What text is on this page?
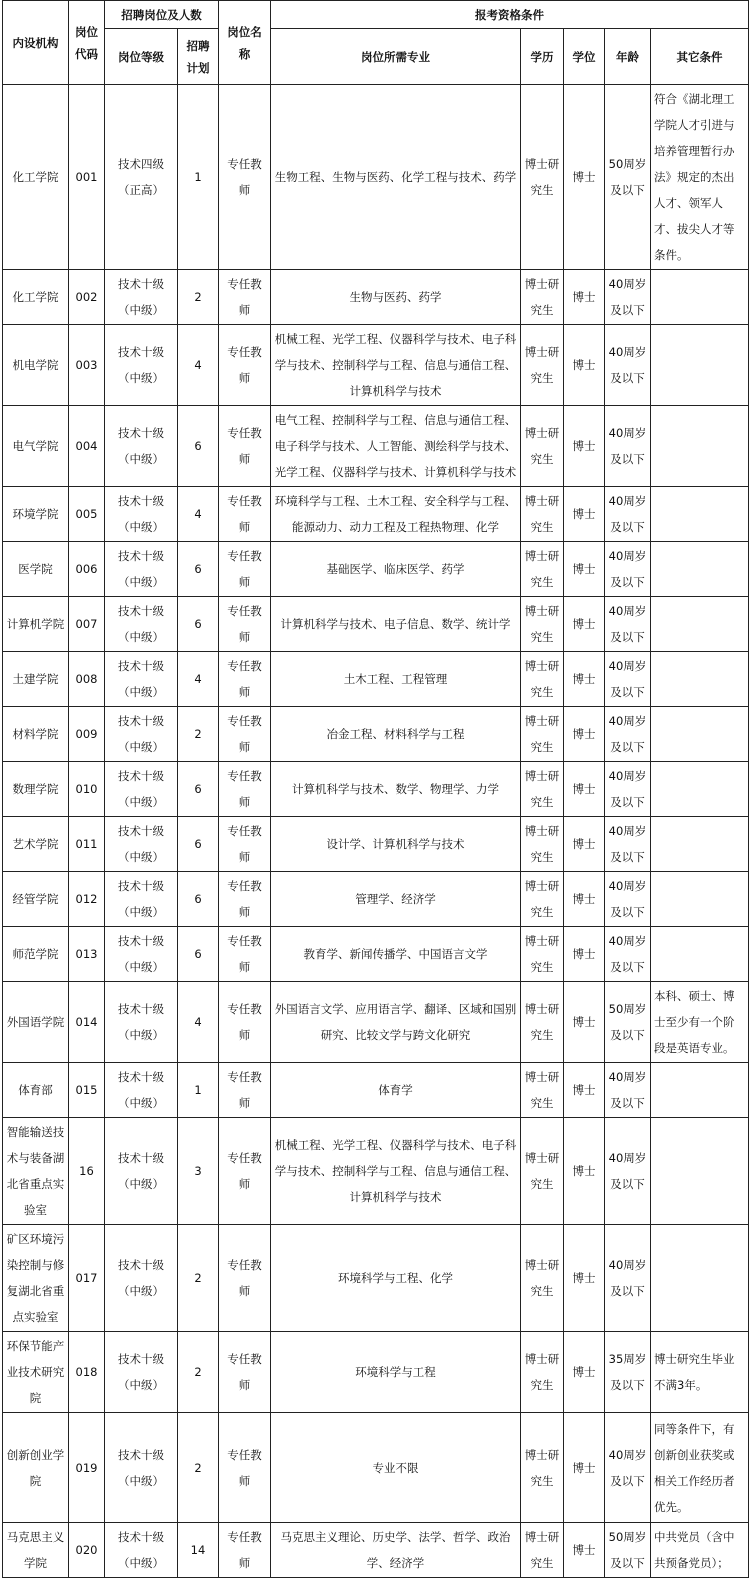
内设机构	岗位代码	招聘岗位及人数		岗位名称	报考资格条件				
		岗位等级	招聘计划		岗位所需专业	学历	学位	年龄	其它条件
化工学院	001	技术四级（正高）	1	专任教师	生物工程、生物与医药、化学工程与技术、药学	博士研究生	博士	50周岁及以下	符合《湖北理工学院人才引进与培养管理暂行办法》规定的杰出人才、领军人才、拔尖人才等条件。
化工学院	002	技术十级（中级）	2	专任教师	生物与医药、药学	博士研究生	博士	40周岁及以下	
机电学院	003	技术十级（中级）	4	专任教师	机械工程、光学工程、仪器科学与技术、电子科学与技术、控制科学与工程、信息与通信工程、计算机科学与技术	博士研究生	博士	40周岁及以下	
电气学院	004	技术十级（中级）	6	专任教师	电气工程、控制科学与工程、信息与通信工程、电子科学与技术、人工智能、测绘科学与技术、光学工程、仪器科学与技术、计算机科学与技术	博士研究生	博士	40周岁及以下	
环境学院	005	技术十级（中级）	4	专任教师	环境科学与工程、土木工程、安全科学与工程、能源动力、动力工程及工程热物理、化学	博士研究生	博士	40周岁及以下	
医学院	006	技术十级（中级）	6	专任教师	基础医学、临床医学、药学	博士研究生	博士	40周岁及以下	
计算机学院	007	技术十级（中级）	6	专任教师	计算机科学与技术、电子信息、数学、统计学	博士研究生	博士	40周岁及以下	
土建学院	008	技术十级（中级）	4	专任教师	土木工程、工程管理	博士研究生	博士	40周岁及以下	
材料学院	009	技术十级（中级）	2	专任教师	冶金工程、材料科学与工程	博士研究生	博士	40周岁及以下	
数理学院	010	技术十级（中级）	6	专任教师	计算机科学与技术、数学、物理学、力学	博士研究生	博士	40周岁及以下	
艺术学院	011	技术十级（中级）	6	专任教师	设计学、计算机科学与技术	博士研究生	博士	40周岁及以下	
经管学院	012	技术十级（中级）	6	专任教师	管理学、经济学	博士研究生	博士	40周岁及以下	
师范学院	013	技术十级（中级）	6	专任教师	教育学、新闻传播学、中国语言文学	博士研究生	博士	40周岁及以下	
外国语学院	014	技术十级（中级）	4	专任教师	外国语言文学、应用语言学、翻译、区域和国别研究、比较文学与跨文化研究	博士研究生	博士	50周岁及以下	本科、硕士、博士至少有一个阶段是英语专业。
体育部	015	技术十级（中级）	1	专任教师	体育学	博士研究生	博士	40周岁及以下	
智能输送技术与装备湖北省重点实验室	16	技术十级（中级）	3	专任教师	机械工程、光学工程、仪器科学与技术、电子科学与技术、控制科学与工程、信息与通信工程、计算机科学与技术	博士研究生	博士	40周岁及以下	
矿区环境污染控制与修复湖北省重点实验室	017	技术十级（中级）	2	专任教师	环境科学与工程、化学	博士研究生	博士	40周岁及以下	
环保节能产业技术研究院	018	技术十级（中级）	2	专任教师	环境科学与工程	博士研究生	博士	35周岁及以下	博士研究生毕业不满3年。
创新创业学院	019	技术十级（中级）	2	专任教师	专业不限	博士研究生	博士	40周岁及以下	同等条件下，有创新创业获奖或相关工作经历者优先。
马克思主义学院	020	技术十级（中级）	14	专任教师	马克思主义理论、历史学、法学、哲学、政治学、经济学	博士研究生	博士	50周岁及以下	中共党员（含中共预备党员）；
